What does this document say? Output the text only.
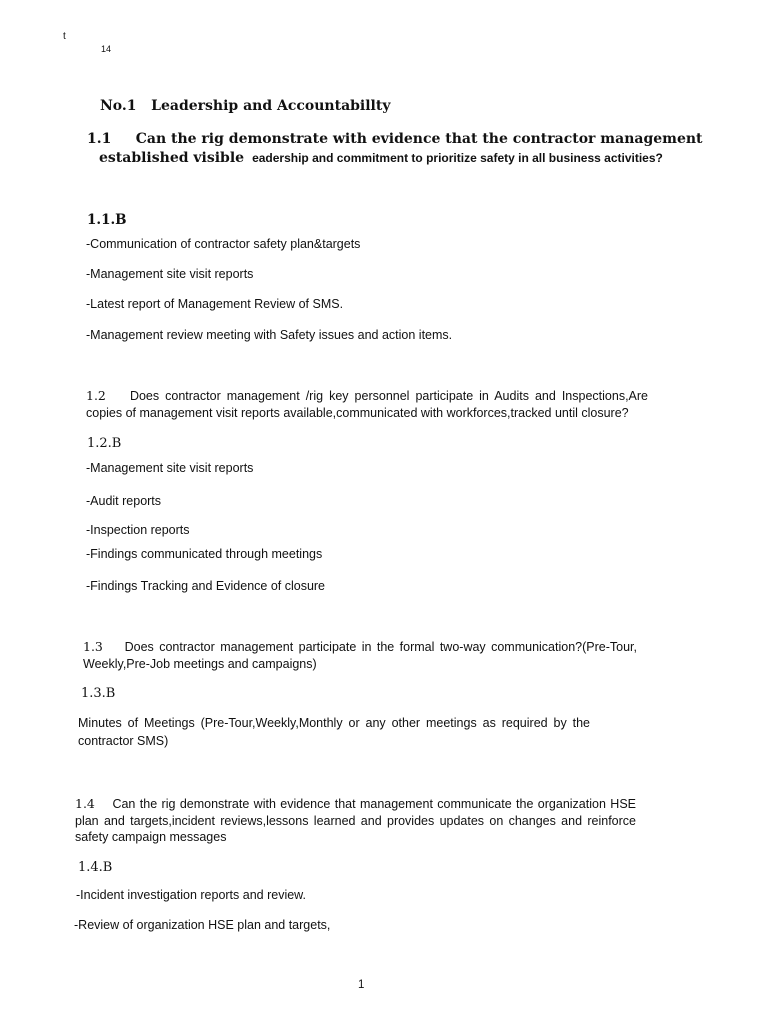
t
14
No.1 Leadership and Accountabillty
1.1 Can the rig demonstrate with evidence that the contractor management
established visible eadership and commitment to prioritize safety in all business activities?
1.1.B
-Communication of contractor safety plan&targets
-Management site visit reports
-Latest report of Management Review of SMS.
-Management review meeting with Safety issues and action items.
1.2 Does contractor management /rig key personnel participate in Audits and Inspections,Are copies of management visit reports available,communicated with workforces,tracked until closure?
1.2.B
-Management site visit reports
-Audit reports
-Inspection reports
-Findings communicated through meetings
-Findings Tracking and Evidence of closure
1.3 Does contractor management participate in the formal two-way communication?(Pre-Tour, Weekly,Pre-Job meetings and campaigns)
1.3.B
Minutes of Meetings (Pre-Tour,Weekly,Monthly or any other meetings as required by the contractor SMS)
1.4 Can the rig demonstrate with evidence that management communicate the organization HSE plan and targets,incident reviews,lessons learned and provides updates on changes and reinforce safety campaign messages
1.4.B
-Incident investigation reports and review.
-Review of organization HSE plan and targets,
1
